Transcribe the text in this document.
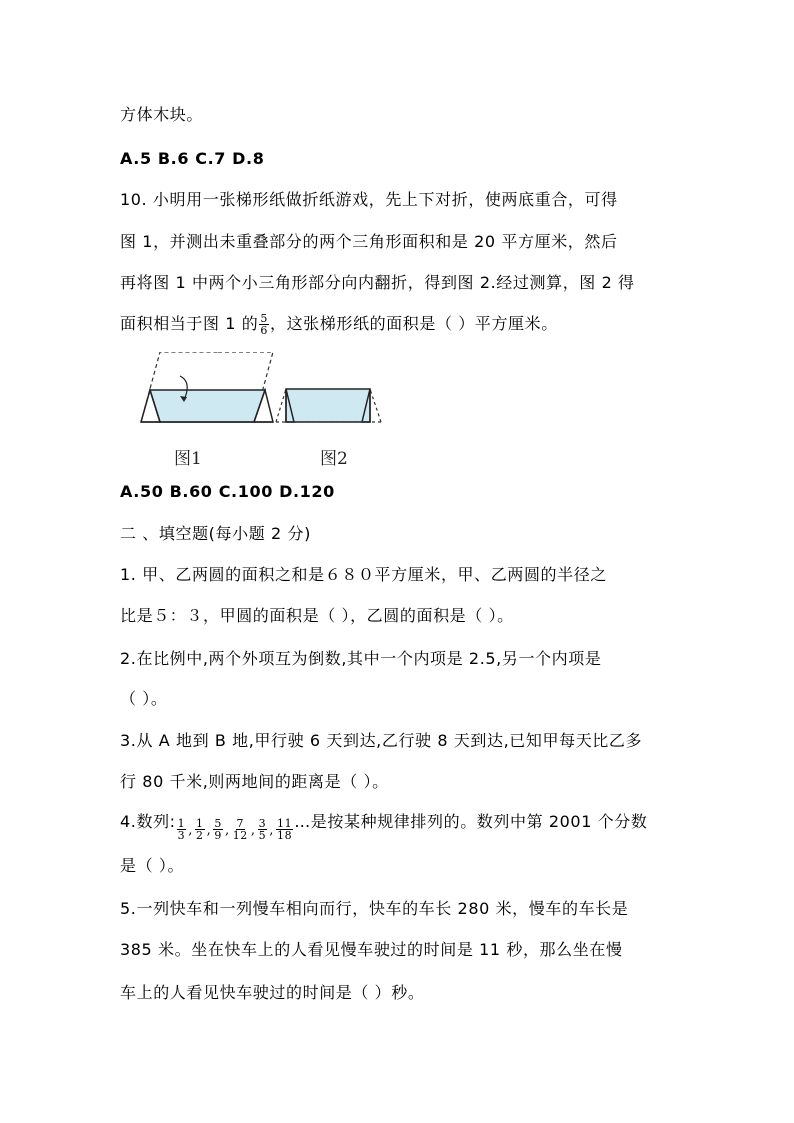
方体木块。
A.5 B.6 C.7 D.8
10. 小明用一张梯形纸做折纸游戏，先上下对折，使两底重合，可得
图 1，并测出未重叠部分的两个三角形面积和是 20 平方厘米，然后
再将图 1 中两个小三角形部分向内翻折，得到图 2.经过测算，图 2 得
面积相当于图 1 的 $\frac{5}{6}$ ，这张梯形纸的面积是（ ）平方厘米。
图1	图2
A.50 B.60 C.100 D.120
二 、填空题(每小题 2 分)
1. 甲、乙两圆的面积之和是６８０平方厘米，甲、乙两圆的半径之
比是５：３，甲圆的面积是（ ），乙圆的面积是（ ）。
2.在比例中,两个外项互为倒数,其中一个内项是 2.5,另一个内项是
（ ）。
3.从 A 地到 B 地,甲行驶 6 天到达,乙行驶 8 天到达,已知甲每天比乙多
行 80 千米,则两地间的距离是（ ）。
4.数列: $\frac{1}{3}$ , $\frac{1}{2}$ , $\frac{5}{9}$ , $\frac{7}{12}$ , $\frac{3}{5}$ , $\frac{11}{18}$ …是按某种规律排列的。数列中第 2001 个分数
是（ ）。
5.一列快车和一列慢车相向而行，快车的车长 280 米，慢车的车长是
385 米。坐在快车上的人看见慢车驶过的时间是 11 秒，那么坐在慢
车上的人看见快车驶过的时间是（ ）秒。
